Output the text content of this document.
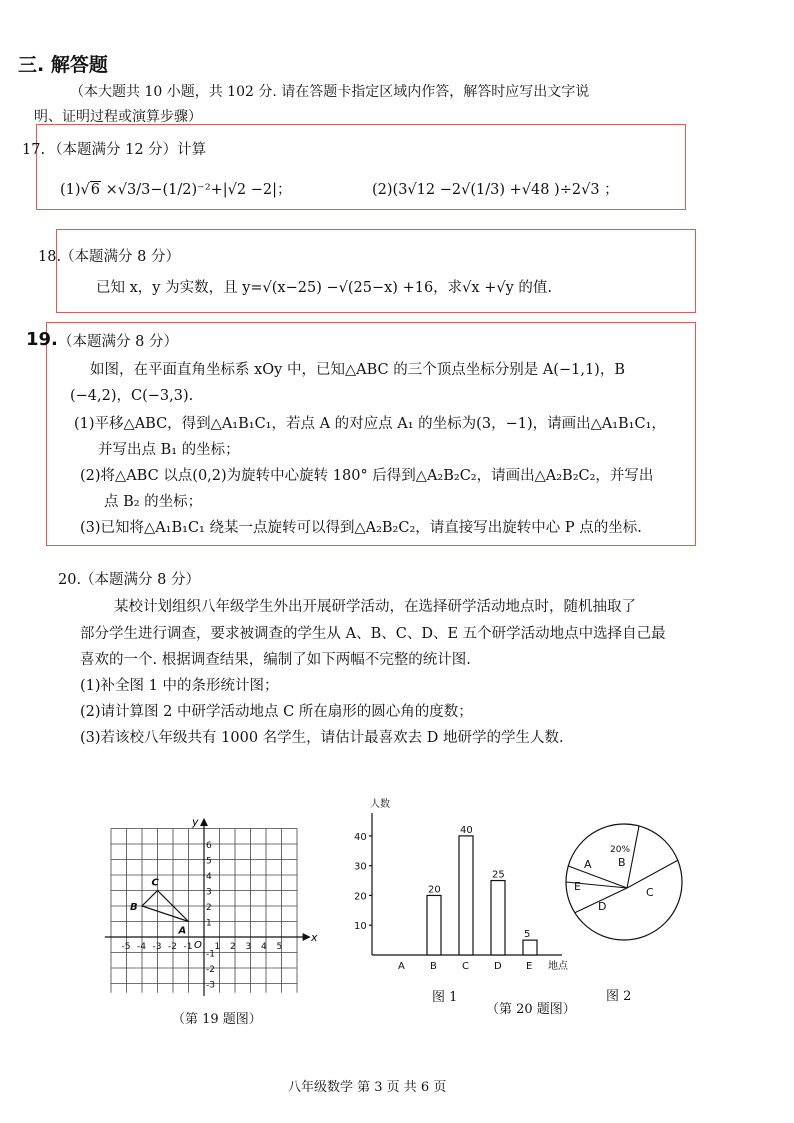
三. 解答题
（本大题共 10 小题，共 102 分. 请在答题卡指定区域内作答，解答时应写出文字说
明、证明过程或演算步骤）
17. （本题满分 12 分）计算
(1)√6 ×√3/3−(1/2)⁻²+|√2 −2|；	(2)(3√12 −2√(1/3) +√48 )÷2√3 ；
18.
（本题满分 8 分）
已知 x，y 为实数，且 y=√(x−25) −√(25−x) +16，求√x +√y 的值.
19. （本题满分 8 分）
如图，在平面直角坐标系 xOy 中，已知△ABC 的三个顶点坐标分别是 A(−1,1)，B
(−4,2)，C(−3,3).
(1)平移△ABC，得到△A₁B₁C₁，若点 A 的对应点 A₁ 的坐标为(3，−1)，请画出△A₁B₁C₁，
并写出点 B₁ 的坐标；
(2)将△ABC 以点(0,2)为旋转中心旋转 180° 后得到△A₂B₂C₂，请画出△A₂B₂C₂，并写出
点 B₂ 的坐标；
(3)已知将△A₁B₁C₁ 绕某一点旋转可以得到△A₂B₂C₂，请直接写出旋转中心 P 点的坐标.
20.
（本题满分 8 分）
某校计划组织八年级学生外出开展研学活动，在选择研学活动地点时，随机抽取了
部分学生进行调查，要求被调查的学生从 A、B、C、D、E 五个研学活动地点中选择自己最
喜欢的一个. 根据调查结果，编制了如下两幅不完整的统计图.
(1)补全图 1 中的条形统计图；
(2)请计算图 2 中研学活动地点 C 所在扇形的圆心角的度数；
(3)若该校八年级共有 1000 名学生，请估计最喜欢去 D 地研学的学生人数.
-5 -4 -3 -2 -1 1 2 3 4 5
6
5
4
3
2
1
-1
-2
-3
x
y
O
A
B
C
（第 19 题图）
10
20
30
40
人数
地点
A	B
20
C
40
D
25
E
5
图 1
（第 20 题图）
A B
C
D
E
20%
图 2
八年级数学 第 3 页 共 6 页
